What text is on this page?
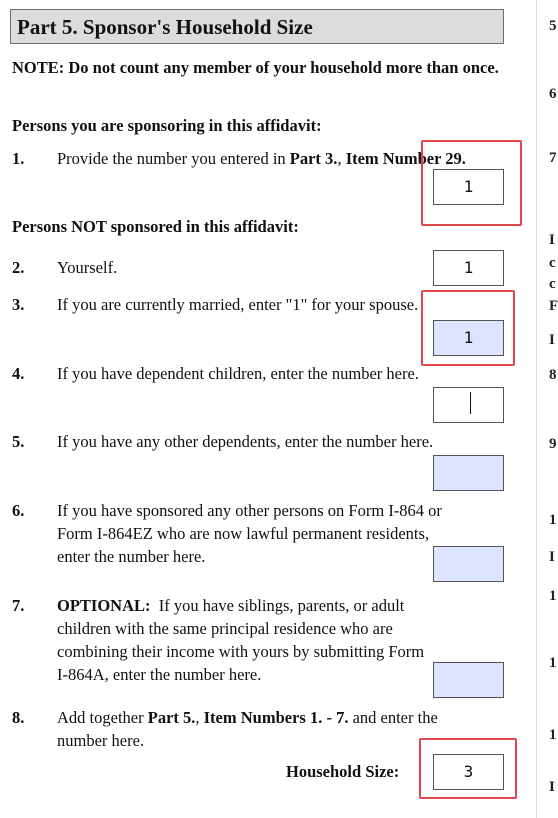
Part 5. Sponsor's Household Size	5
6
7
I
c
c
F
I
8
9
1
I
1
1
1
I
NOTE: Do not count any member of your household more than once.
Persons you are sponsoring in this affidavit:
1. Provide the number you entered in Part 3., Item Number 29.
1
Persons NOT sponsored in this affidavit:
2. Yourself.	1
3. If you are currently married, enter "1" for your spouse.
1
4. If you have dependent children, enter the number here.
5. If you have any other dependents, enter the number here.
6. If you have sponsored any other persons on Form I-864 or
Form I-864EZ who are now lawful permanent residents,
enter the number here.
7. OPTIONAL:  If you have siblings, parents, or adult
children with the same principal residence who are
combining their income with yours by submitting Form
I-864A, enter the number here.
8. Add together Part 5., Item Numbers 1. - 7. and enter the
number here.
Household Size:	3
